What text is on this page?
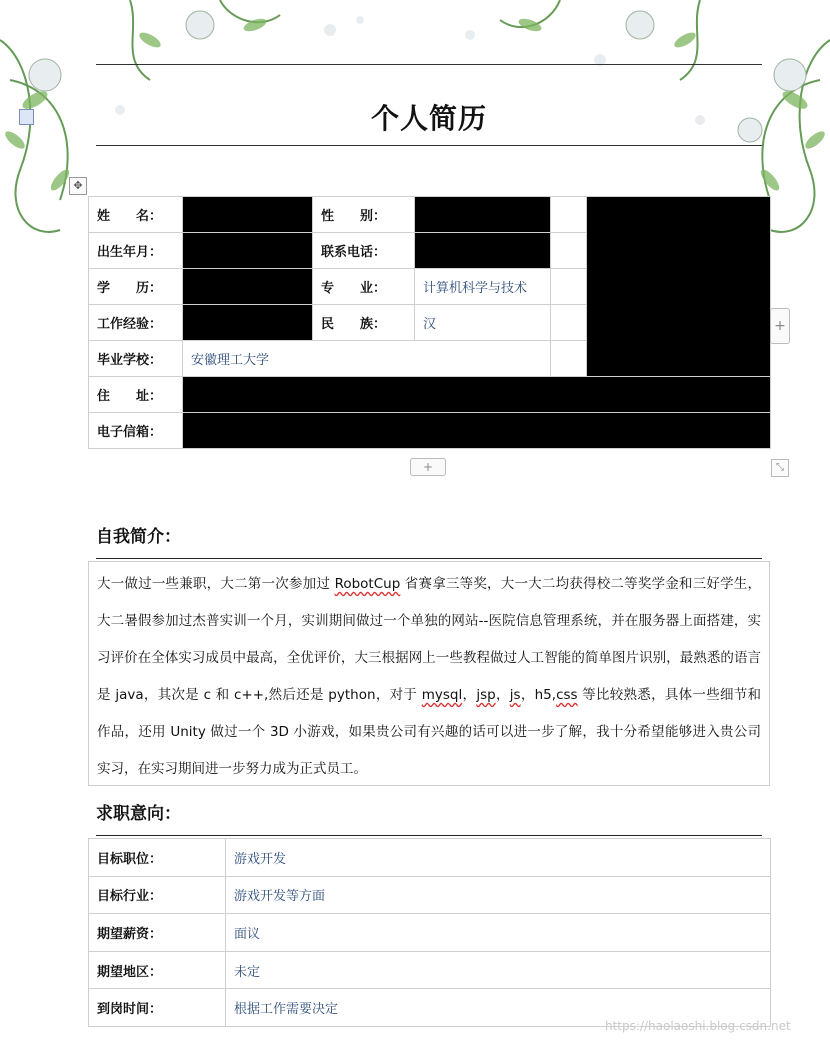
个人简历
✥
姓　　名：		性　　别：			
出生年月：		联系电话：			
学　　历：		专　　业：	计算机科学与技术		
工作经验：		民　　族：	汉		
毕业学校：	安徽理工大学				
住　　址：					
电子信箱：					
+
+	⤡
自我简介：
大一做过一些兼职，大二第一次参加过 RobotCup 省赛拿三等奖，大一大二均获得校二等奖学金和三好学生，大二暑假参加过杰普实训一个月，实训期间做过一个单独的网站--医院信息管理系统，并在服务器上面搭建，实习评价在全体实习成员中最高，全优评价，大三根据网上一些教程做过人工智能的简单图片识别，最熟悉的语言是 java，其次是 c 和 c++,然后还是 python，对于 mysql，jsp，js，h5,css 等比较熟悉，具体一些细节和作品，还用 Unity 做过一个 3D 小游戏，如果贵公司有兴趣的话可以进一步了解，我十分希望能够进入贵公司实习，在实习期间进一步努力成为正式员工。
求职意向：
目标职位：	游戏开发
目标行业：	游戏开发等方面
期望薪资：	面议
期望地区：	未定
到岗时间：	根据工作需要决定
https://haolaoshi.blog.csdn.net
